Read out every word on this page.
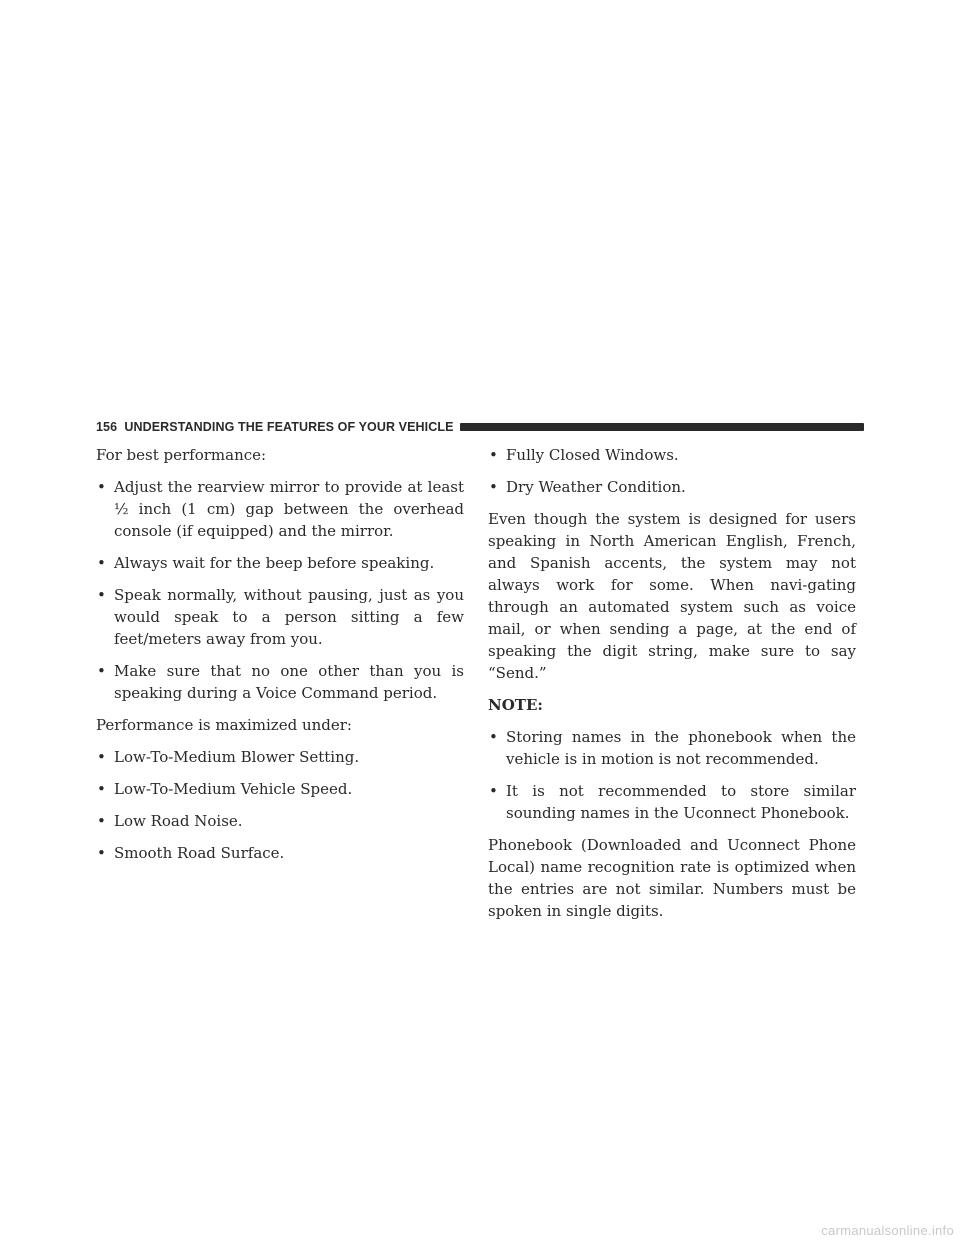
156 UNDERSTANDING THE FEATURES OF YOUR VEHICLE

For best performance:

• Adjust the rearview mirror to provide at least ½ inch (1 cm) gap between the overhead console (if equipped) and the mirror.
• Always wait for the beep before speaking.
• Speak normally, without pausing, just as you would speak to a person sitting a few feet/meters away from you.
• Make sure that no one other than you is speaking during a Voice Command period.

Performance is maximized under:

• Low-To-Medium Blower Setting.
• Low-To-Medium Vehicle Speed.
• Low Road Noise.
• Smooth Road Surface.
• Fully Closed Windows.
• Dry Weather Condition.

Even though the system is designed for users speaking in North American English, French, and Spanish accents, the system may not always work for some. When navi-gating through an automated system such as voice mail, or when sending a page, at the end of speaking the digit string, make sure to say “Send.”

NOTE:
• Storing names in the phonebook when the vehicle is in motion is not recommended.
• It is not recommended to store similar sounding names in the Uconnect Phonebook.

Phonebook (Downloaded and Uconnect Phone Local) name recognition rate is optimized when the entries are not similar. Numbers must be spoken in single digits.

carmanualsonline.info
